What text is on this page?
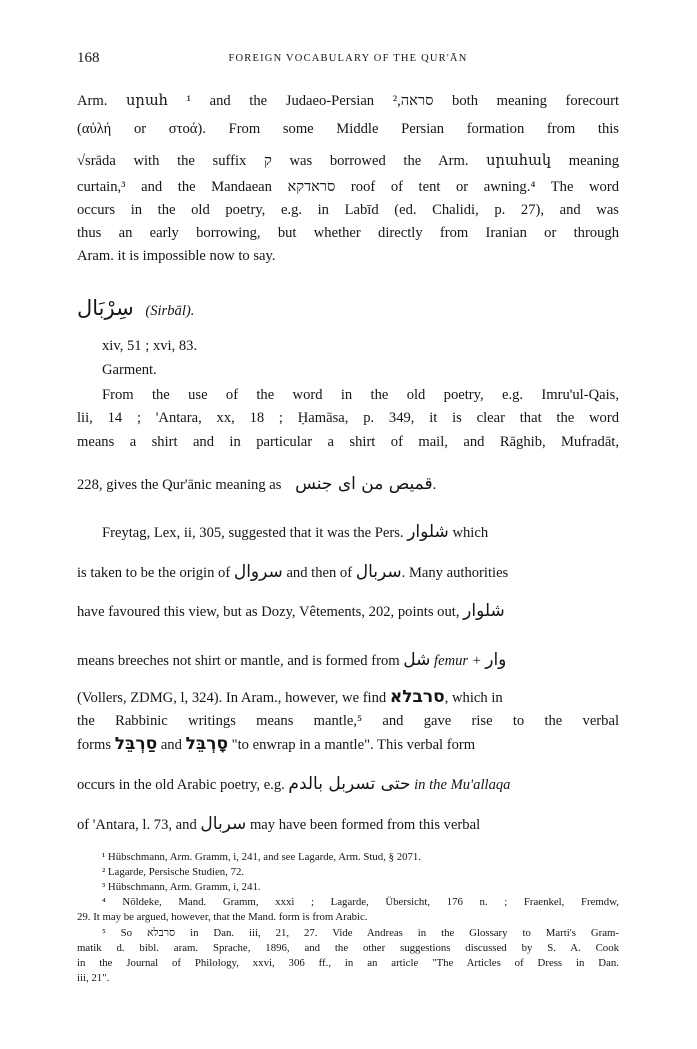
168	FOREIGN VOCABULARY OF THE QUR'ĀN
Arm. սրահ ¹ and the Judaeo-Persian סראה,² both meaning forecourt
(αὐλή or στοά). From some Middle Persian formation from this
√srāda with the suffix ק was borrowed the Arm. սրահակ meaning
curtain,³ and the Mandaean סראדקא roof of tent or awning.⁴ The word
occurs in the old poetry, e.g. in Labīd (ed. Chalidi, p. 27), and was
thus an early borrowing, but whether directly from Iranian or through
Aram. it is impossible now to say.
سِرْبَال (Sirbāl).
xiv, 51 ; xvi, 83.
Garment.
From the use of the word in the old poetry, e.g. Imru'ul-Qais,
lii, 14 ; 'Antara, xx, 18 ; Ḥamāsa, p. 349, it is clear that the word
means a shirt and in particular a shirt of mail, and Rāghib, Mufradāt,
228, gives the Qur'ānic meaning as قميص من اى جنس.
Freytag, Lex, ii, 305, suggested that it was the Pers. شلوار which
is taken to be the origin of سروال and then of سربال. Many authorities
have favoured this view, but as Dozy, Vêtements, 202, points out, شلوار
means breeches not shirt or mantle, and is formed from شل femur + وار
(Vollers, ZDMG, l, 324). In Aram., however, we find סרבלא, which in
the Rabbinic writings means mantle,⁵ and gave rise to the verbal
forms סַרְבֵּל and סָרְבֵּל "to enwrap in a mantle". This verbal form
occurs in the old Arabic poetry, e.g. حتى تسربل بالدم in the Mu'allaqa
of 'Antara, l. 73, and سربال may have been formed from this verbal
¹ Hübschmann, Arm. Gramm, i, 241, and see Lagarde, Arm. Stud, § 2071.
² Lagarde, Persische Studien, 72.
³ Hübschmann, Arm. Gramm, i, 241.
⁴ Nöldeke, Mand. Gramm, xxxi ; Lagarde, Übersicht, 176 n. ; Fraenkel, Fremdw,
29. It may be argued, however, that the Mand. form is from Arabic.
⁵ So סרבלא in Dan. iii, 21, 27. Vide Andreas in the Glossary to Marti's Gram-
matik d. bibl. aram. Sprache, 1896, and the other suggestions discussed by S. A. Cook
in the Journal of Philology, xxvi, 306 ff., in an article "The Articles of Dress in Dan.
iii, 21".
